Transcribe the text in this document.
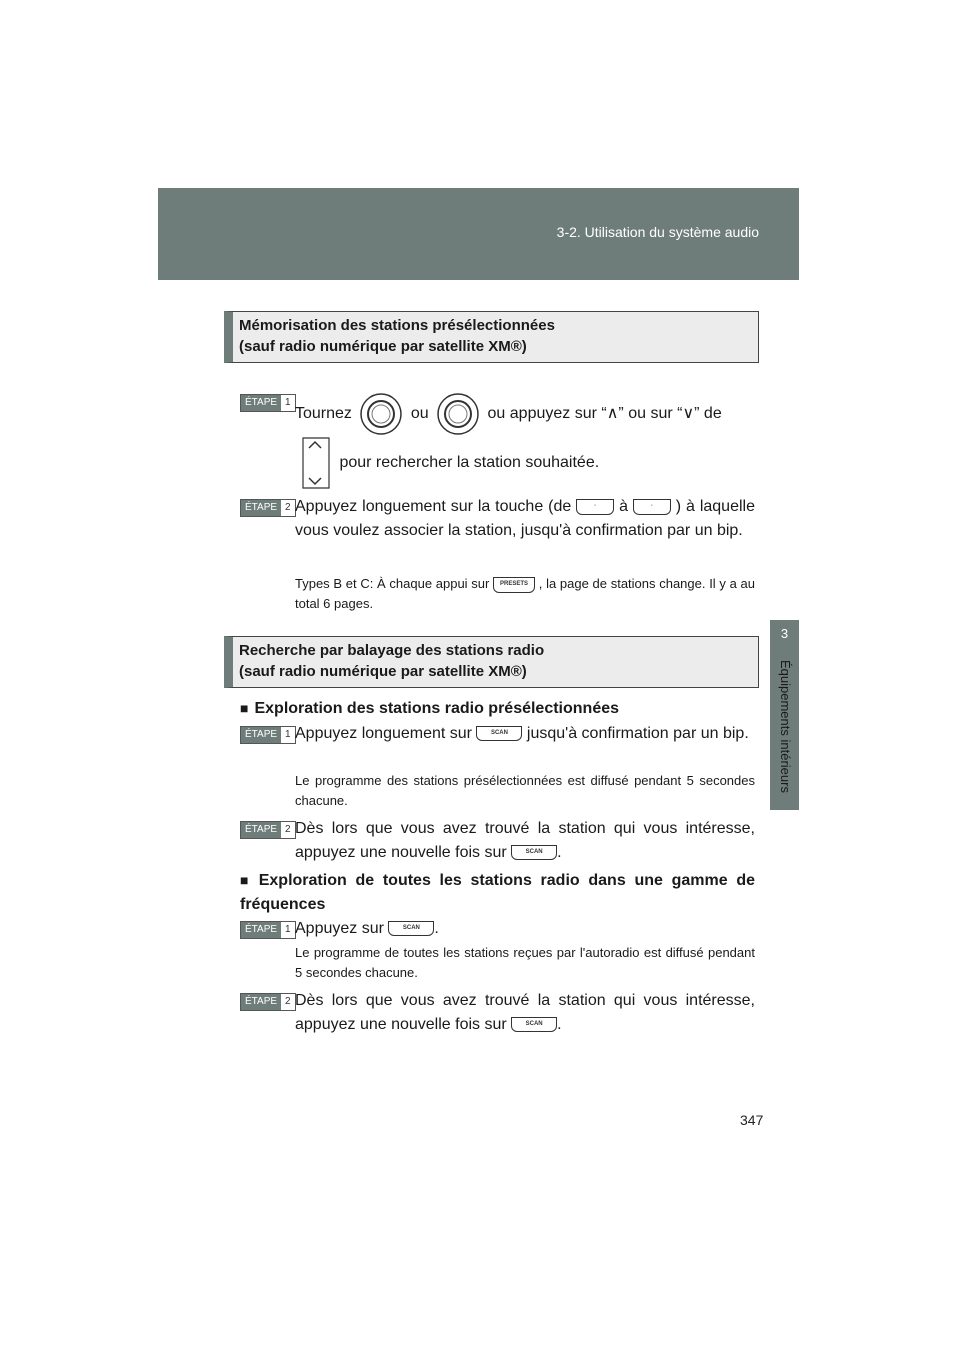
3-2. Utilisation du système audio
3
Équipements intérieurs
Mémorisation des stations présélectionnées
(sauf radio numérique par satellite XM®)
ÉTAPE 1
Tournez	ou	ou appuyez sur “∧” ou sur “∨” de
pour rechercher la station souhaitée.
ÉTAPE 2 Appuyez longuement sur la touche (de	◦ à	◦ ) à laquelle vous voulez associer la station, jusqu'à confirmation par un bip.
Types B et C: À chaque appui sur PRESETS , la page de stations change. Il y a au total 6 pages.
Recherche par balayage des stations radio
(sauf radio numérique par satellite XM®)
■ Exploration des stations radio présélectionnées
ÉTAPE 1 Appuyez longuement sur	SCAN jusqu'à confirmation par un bip.
Le programme des stations présélectionnées est diffusé pendant 5 secondes chacune.
ÉTAPE 2 Dès lors que vous avez trouvé la station qui vous intéresse, appuyez une nouvelle fois sur	SCAN .
■ Exploration de toutes les stations radio dans une gamme de fréquences
ÉTAPE 1 Appuyez sur	SCAN .
Le programme de toutes les stations reçues par l'autoradio est diffusé pendant 5 secondes chacune.
ÉTAPE 2 Dès lors que vous avez trouvé la station qui vous intéresse, appuyez une nouvelle fois sur	SCAN .
347
